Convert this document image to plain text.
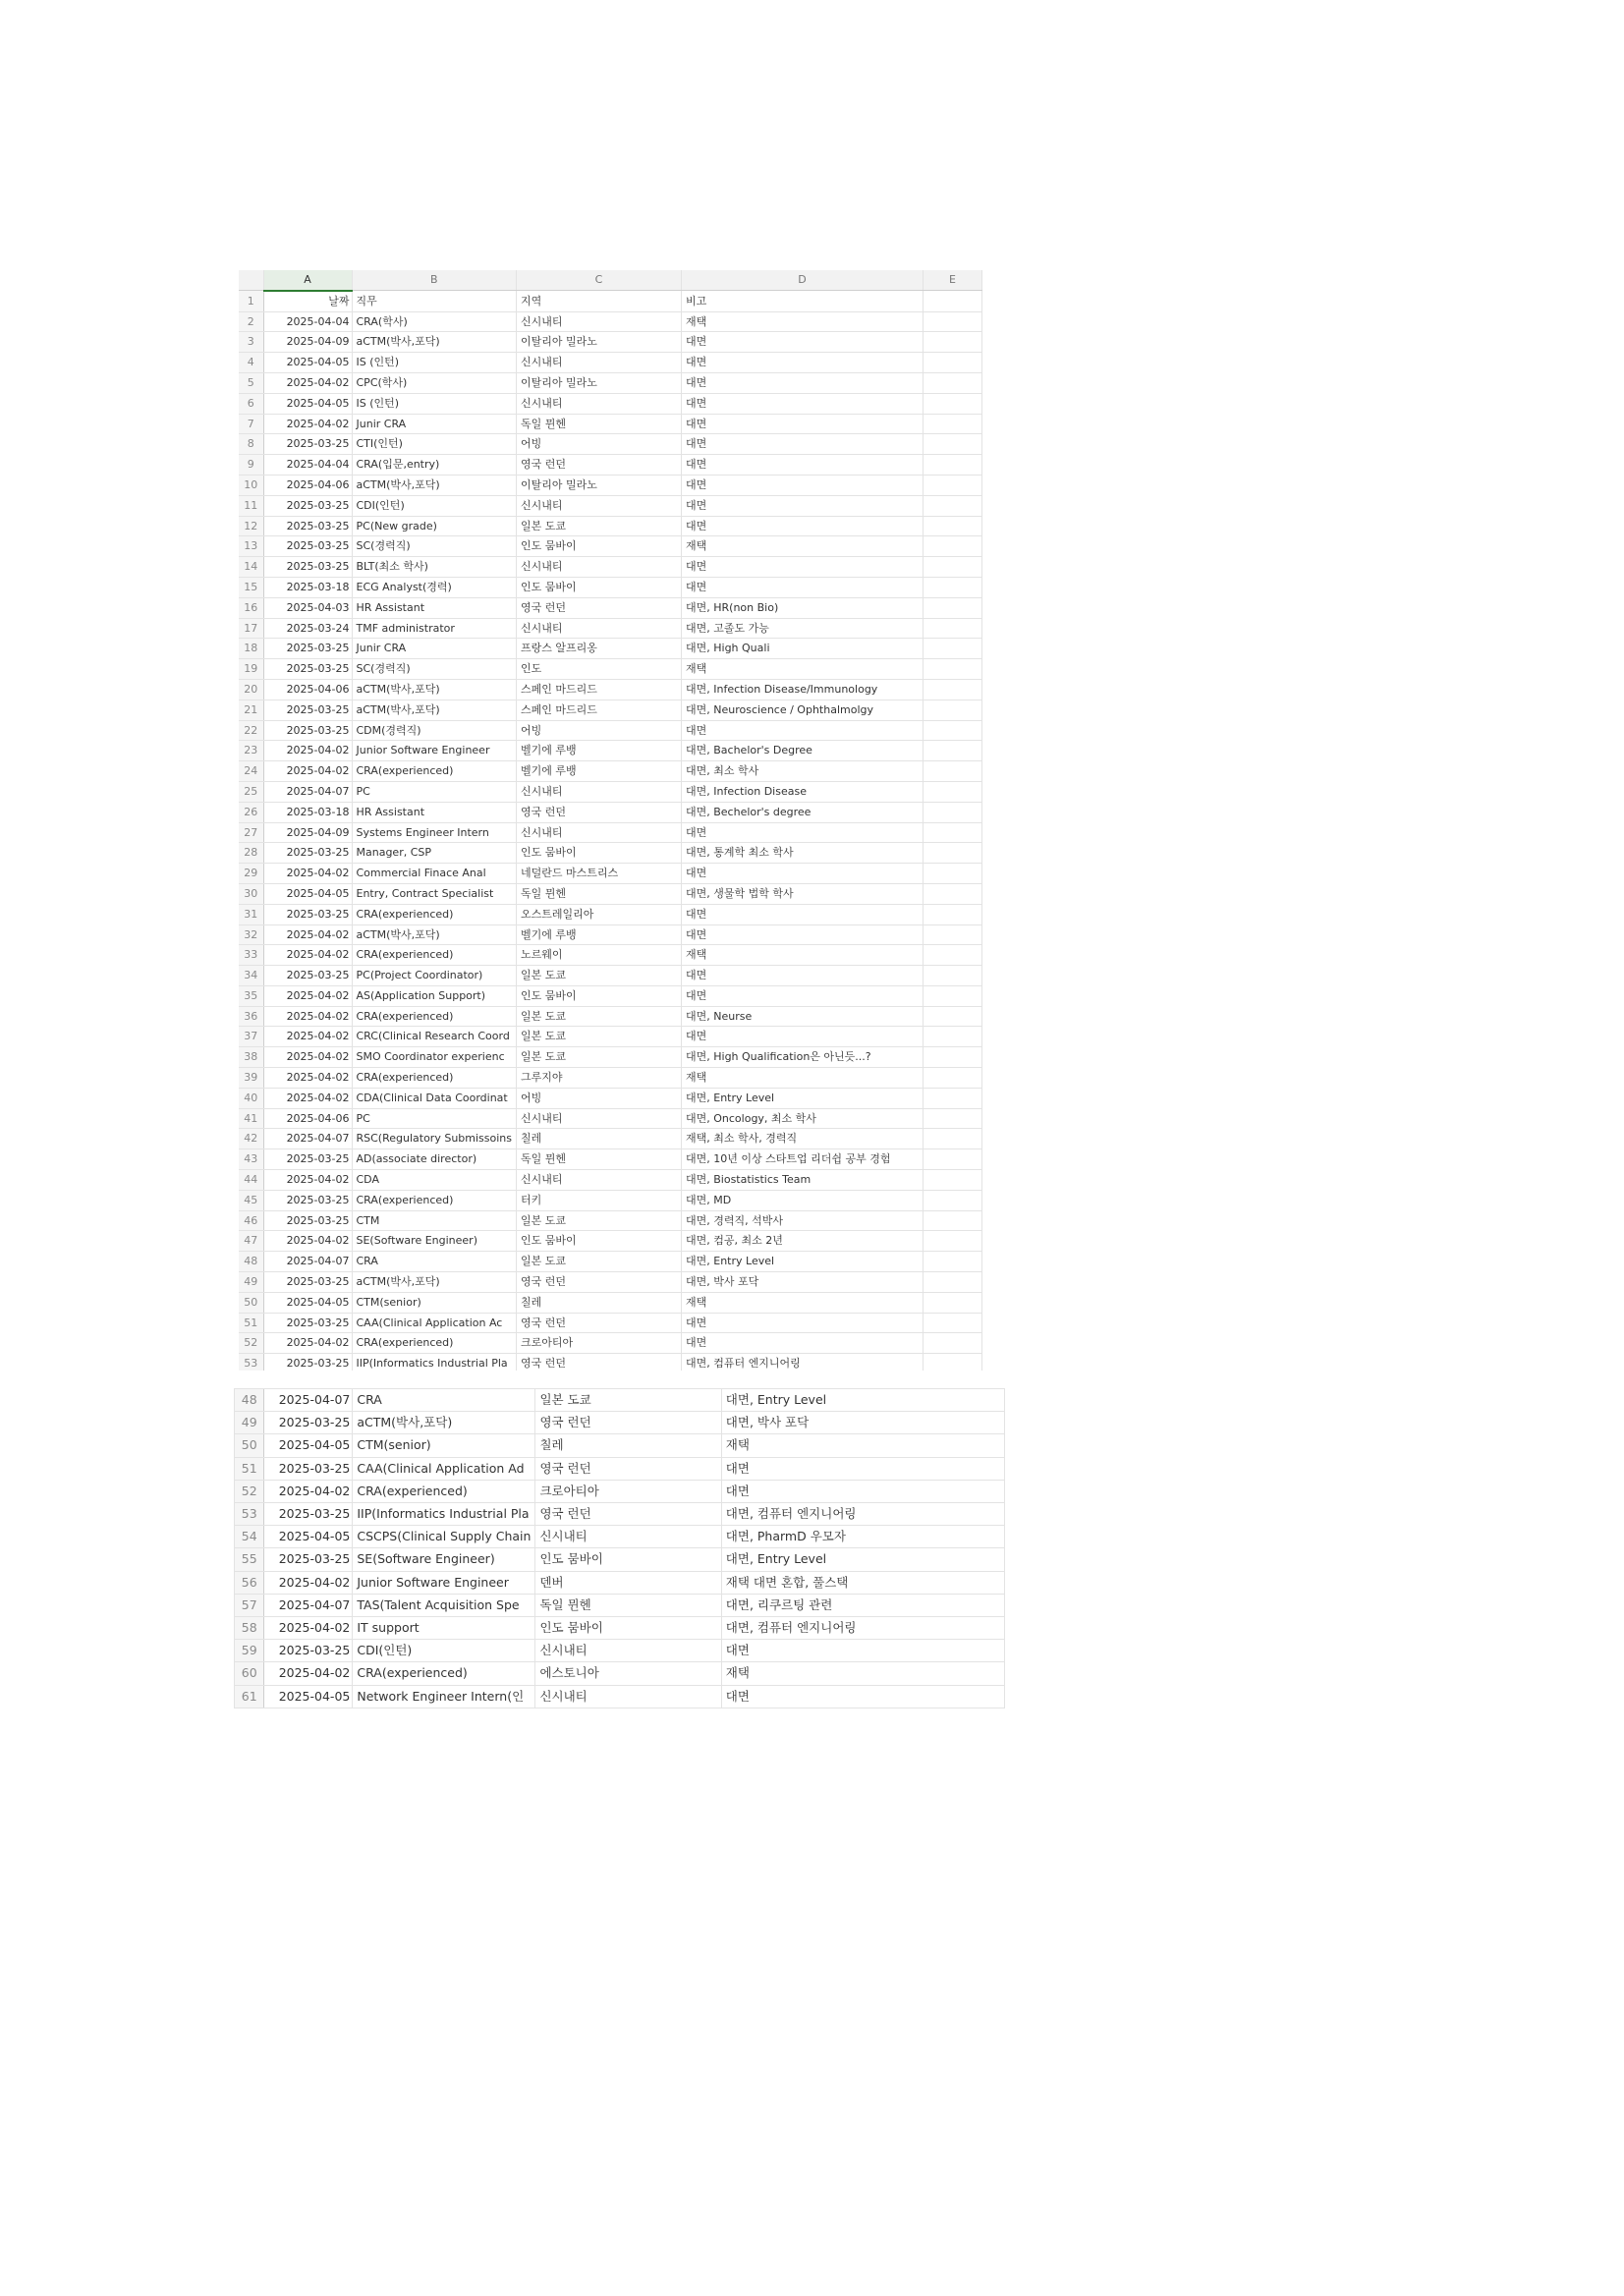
	A	B	C	D	E
1	날짜	직무	지역	비고	
2	2025-04-04	CRA(학사)	신시내티	재택	
3	2025-04-09	aCTM(박사,포닥)	이탈리아 밀라노	대면	
4	2025-04-05	IS (인턴)	신시내티	대면	
5	2025-04-02	CPC(학사)	이탈리아 밀라노	대면	
6	2025-04-05	IS (인턴)	신시내티	대면	
7	2025-04-02	Junir CRA	독일 뮌헨	대면	
8	2025-03-25	CTI(인턴)	어빙	대면	
9	2025-04-04	CRA(입문,entry)	영국 런던	대면	
10	2025-04-06	aCTM(박사,포닥)	이탈리아 밀라노	대면	
11	2025-03-25	CDI(인턴)	신시내티	대면	
12	2025-03-25	PC(New grade)	일본 도쿄	대면	
13	2025-03-25	SC(경력직)	인도 뭄바이	재택	
14	2025-03-25	BLT(최소 학사)	신시내티	대면	
15	2025-03-18	ECG Analyst(경력)	인도 뭄바이	대면	
16	2025-04-03	HR Assistant	영국 런던	대면, HR(non Bio)	
17	2025-03-24	TMF administrator	신시내티	대면, 고졸도 가능	
18	2025-03-25	Junir CRA	프랑스 알프리옹	대면, High Quali	
19	2025-03-25	SC(경력직)	인도	재택	
20	2025-04-06	aCTM(박사,포닥)	스페인 마드리드	대면, Infection Disease/Immunology	
21	2025-03-25	aCTM(박사,포닥)	스페인 마드리드	대면, Neuroscience / Ophthalmolgy	
22	2025-03-25	CDM(경력직)	어빙	대면	
23	2025-04-02	Junior Software Engineer	벨기에 루뱅	대면, Bachelor's Degree	
24	2025-04-02	CRA(experienced)	벨기에 루뱅	대면, 최소 학사	
25	2025-04-07	PC	신시내티	대면, Infection Disease	
26	2025-03-18	HR Assistant	영국 런던	대면, Bechelor's degree	
27	2025-04-09	Systems Engineer Intern	신시내티	대면	
28	2025-03-25	Manager, CSP	인도 뭄바이	대면, 통계학 최소 학사	
29	2025-04-02	Commercial Finace Anal	네덜란드 마스트리스	대면	
30	2025-04-05	Entry, Contract Specialist	독일 뮌헨	대면, 생물학 법학 학사	
31	2025-03-25	CRA(experienced)	오스트레일리아	대면	
32	2025-04-02	aCTM(박사,포닥)	벨기에 루뱅	대면	
33	2025-04-02	CRA(experienced)	노르웨이	재택	
34	2025-03-25	PC(Project Coordinator)	일본 도쿄	대면	
35	2025-04-02	AS(Application Support)	인도 뭄바이	대면	
36	2025-04-02	CRA(experienced)	일본 도쿄	대면, Neurse	
37	2025-04-02	CRC(Clinical Research Coord	일본 도쿄	대면	
38	2025-04-02	SMO Coordinator experienc	일본 도쿄	대면, High Qualification은 아닌듯...?	
39	2025-04-02	CRA(experienced)	그루지야	재택	
40	2025-04-02	CDA(Clinical Data Coordinat	어빙	대면, Entry Level	
41	2025-04-06	PC	신시내티	대면, Oncology, 최소 학사	
42	2025-04-07	RSC(Regulatory Submissoins	칠레	재택, 최소 학사, 경력직	
43	2025-03-25	AD(associate director)	독일 뮌헨	대면, 10년 이상 스타트업 리더쉽 공부 경험	
44	2025-04-02	CDA	신시내티	대면, Biostatistics Team	
45	2025-03-25	CRA(experienced)	터키	대면, MD	
46	2025-03-25	CTM	일본 도쿄	대면, 경력직, 석박사	
47	2025-04-02	SE(Software Engineer)	인도 뭄바이	대면, 컴공, 최소 2년	
48	2025-04-07	CRA	일본 도쿄	대면, Entry Level	
49	2025-03-25	aCTM(박사,포닥)	영국 런던	대면, 박사 포닥	
50	2025-04-05	CTM(senior)	칠레	재택	
51	2025-03-25	CAA(Clinical Application Ac	영국 런던	대면	
52	2025-04-02	CRA(experienced)	크로아티아	대면	
53	2025-03-25	IIP(Informatics Industrial Pla	영국 런던	대면, 컴퓨터 엔지니어링	
48	2025-04-07	CRA	일본 도쿄	대면, Entry Level
49	2025-03-25	aCTM(박사,포닥)	영국 런던	대면, 박사 포닥
50	2025-04-05	CTM(senior)	칠레	재택
51	2025-03-25	CAA(Clinical Application Ad	영국 런던	대면
52	2025-04-02	CRA(experienced)	크로아티아	대면
53	2025-03-25	IIP(Informatics Industrial Pla	영국 런던	대면, 컴퓨터 엔지니어링
54	2025-04-05	CSCPS(Clinical Supply Chain	신시내티	대면, PharmD 우모자
55	2025-03-25	SE(Software Engineer)	인도 뭄바이	대면, Entry Level
56	2025-04-02	Junior Software Engineer	덴버	재택 대면 혼합, 풀스택
57	2025-04-07	TAS(Talent Acquisition Spe	독일 뮌헨	대면, 리쿠르팅 관련
58	2025-04-02	IT support	인도 뭄바이	대면, 컴퓨터 엔지니어링
59	2025-03-25	CDI(인턴)	신시내티	대면
60	2025-04-02	CRA(experienced)	에스토니아	재택
61	2025-04-05	Network Engineer Intern(인	신시내티	대면
